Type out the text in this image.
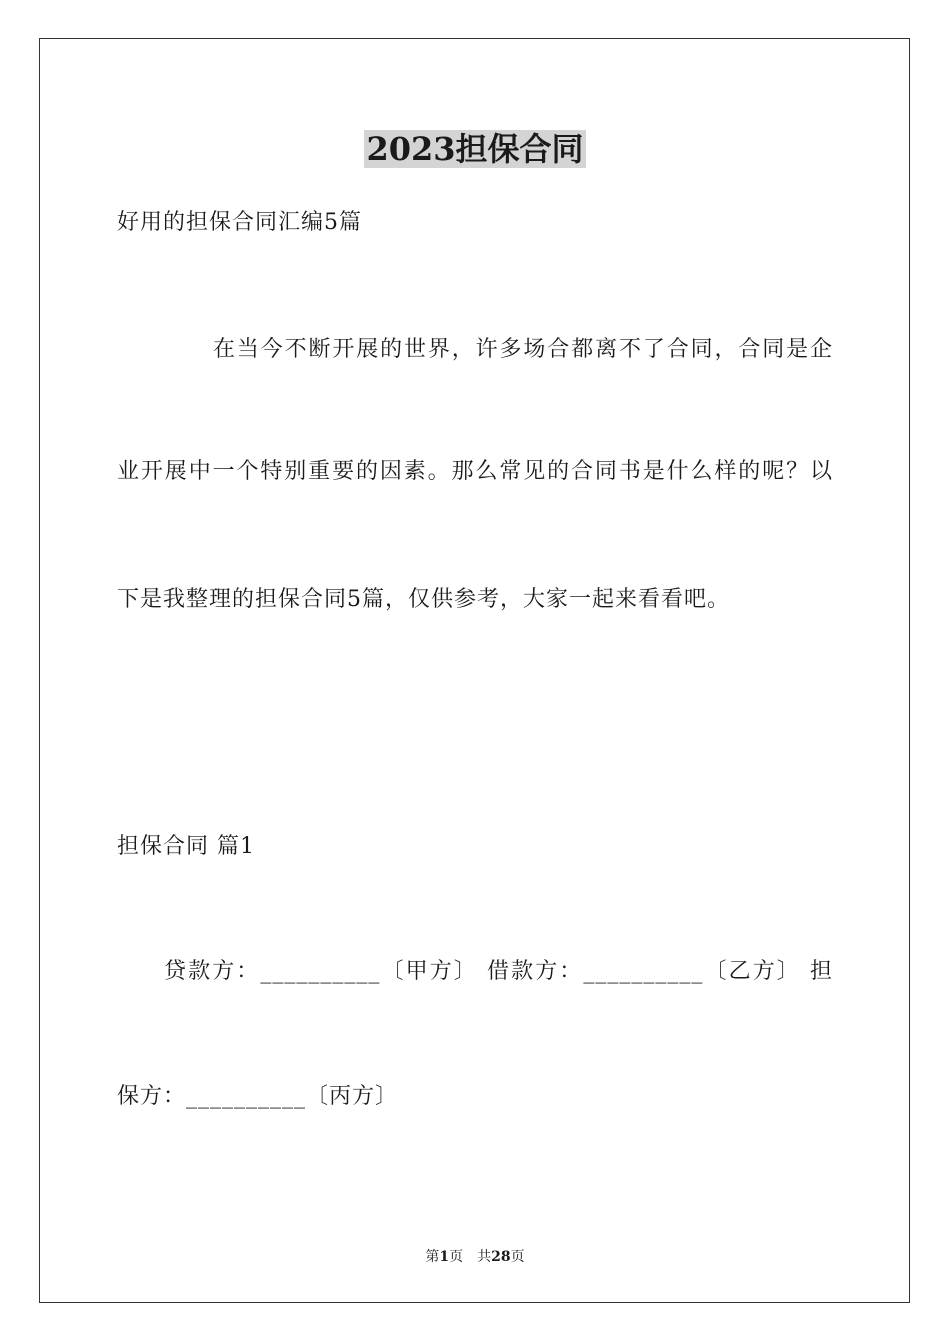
2023担保合同
好用的担保合同汇编5篇
在当今不断开展的世界，许多场合都离不了合同，合同是企
业开展中一个特别重要的因素。那么常见的合同书是什么样的呢？以
下是我整理的担保合同5篇，仅供参考，大家一起来看看吧。
担保合同 篇1
贷款方：__________〔甲方〕 借款方：__________〔乙方〕 担
保方：__________〔丙方〕
第1页 共28页
